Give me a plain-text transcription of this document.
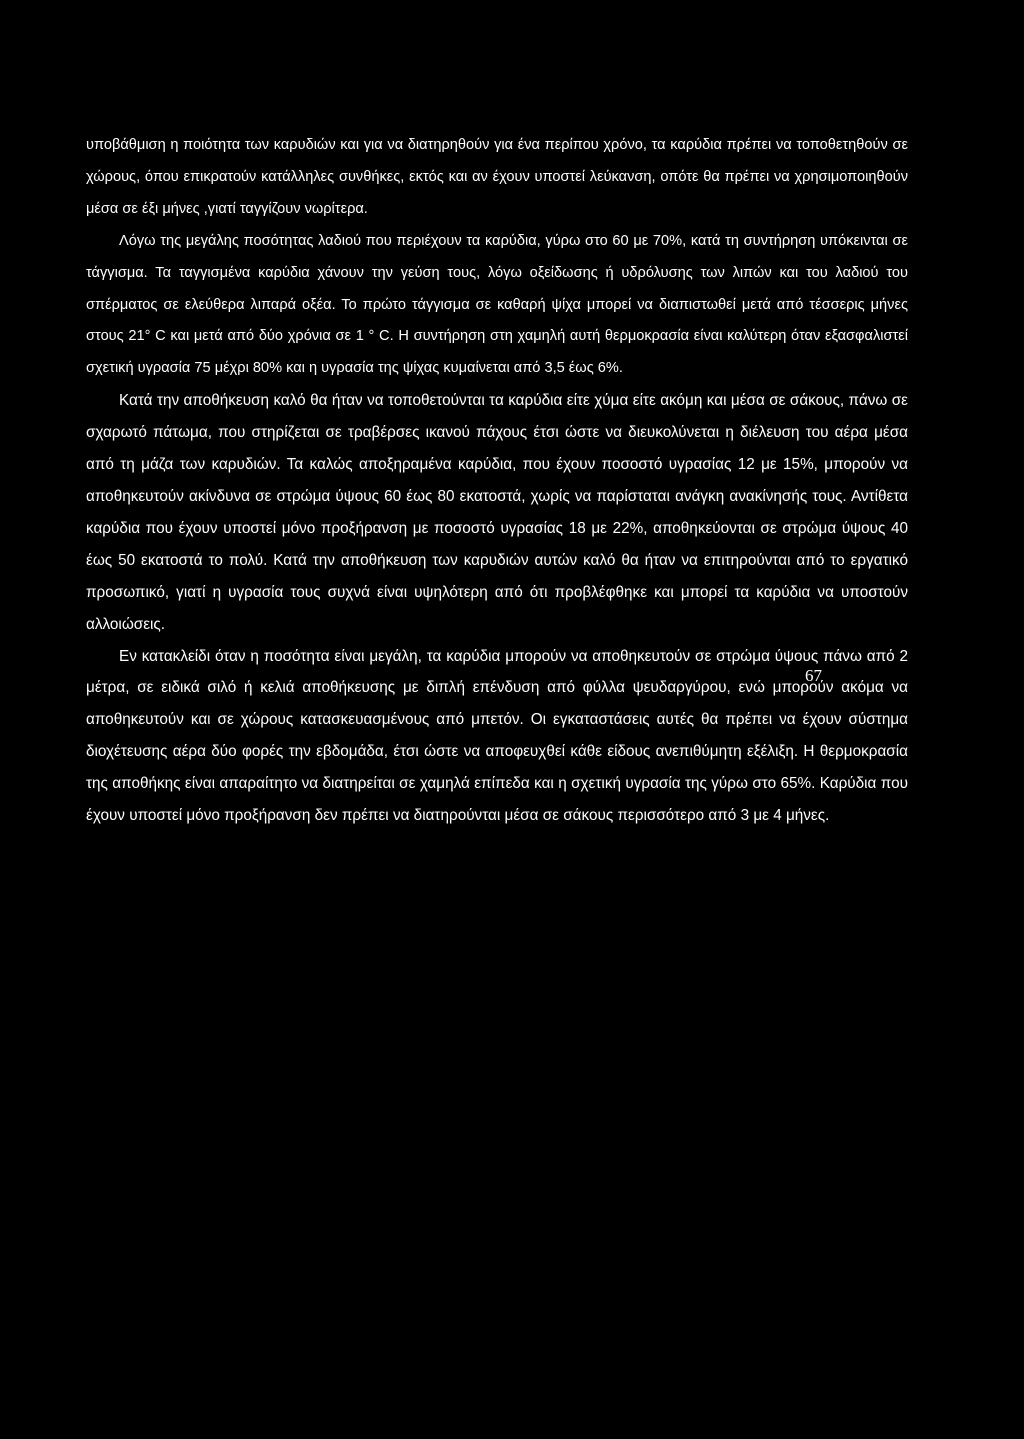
υποβάθμιση η ποιότητα των καρυδιών και για να διατηρηθούν για ένα περίπου χρόνο, τα καρύδια πρέπει να τοποθετηθούν σε χώρους, όπου επικρατούν κατάλληλες συνθήκες, εκτός και αν έχουν υποστεί λεύκανση, οπότε θα πρέπει να χρησιμοποιηθούν μέσα σε έξι μήνες ,γιατί ταγγίζουν νωρίτερα.

Λόγω της μεγάλης ποσότητας λαδιού που περιέχουν τα καρύδια, γύρω στο 60 με 70%, κατά τη συντήρηση υπόκεινται σε τάγγισμα. Τα ταγγισμένα καρύδια χάνουν την γεύση τους, λόγω οξείδωσης ή υδρόλυσης των λιπών και του λαδιού του σπέρματος σε ελεύθερα λιπαρά οξέα. Το πρώτο τάγγισμα σε καθαρή ψίχα μπορεί να διαπιστωθεί μετά από τέσσερις μήνες στους 21° C και μετά από δύο χρόνια σε 1 ° C. Η συντήρηση στη χαμηλή αυτή θερμοκρασία είναι καλύτερη όταν εξασφαλιστεί σχετική υγρασία 75 μέχρι 80% και η υγρασία της ψίχας κυμαίνεται από 3,5 έως 6%.

Κατά την αποθήκευση καλό θα ήταν να τοποθετούνται τα καρύδια είτε χύμα είτε ακόμη και μέσα σε σάκους, πάνω σε σχαρωτό πάτωμα, που στηρίζεται σε τραβέρσες ικανού πάχους έτσι ώστε να διευκολύνεται η διέλευση του αέρα μέσα από τη μάζα των καρυδιών. Τα καλώς αποξηραμένα καρύδια, που έχουν ποσοστό υγρασίας 12 με 15%, μπορούν να αποθηκευτούν ακίνδυνα σε στρώμα ύψους 60 έως 80 εκατοστά, χωρίς να παρίσταται ανάγκη ανακίνησής τους. Αντίθετα καρύδια που έχουν υποστεί μόνο προξήρανση με ποσοστό υγρασίας 18 με 22%, αποθηκεύονται σε στρώμα ύψους 40 έως 50 εκατοστά το πολύ. Κατά την αποθήκευση των καρυδιών αυτών καλό θα ήταν να επιτηρούνται από το εργατικό προσωπικό, γιατί η υγρασία τους συχνά είναι υψηλότερη από ότι προβλέφθηκε και μπορεί τα καρύδια να υποστούν αλλοιώσεις.

Εν κατακλείδι όταν η ποσότητα είναι μεγάλη, τα καρύδια μπορούν να αποθηκευτούν σε στρώμα ύψους πάνω από 2 μέτρα, σε ειδικά σιλό ή κελιά αποθήκευσης με διπλή επένδυση από φύλλα ψευδαργύρου, ενώ μπορούν ακόμα να αποθηκευτούν και σε χώρους κατασκευασμένους από μπετόν. Οι εγκαταστάσεις αυτές θα πρέπει να έχουν σύστημα διοχέτευσης αέρα δύο φορές την εβδομάδα, έτσι ώστε να αποφευχθεί κάθε είδους ανεπιθύμητη εξέλιξη. Η θερμοκρασία της αποθήκης είναι απαραίτητο να διατηρείται σε χαμηλά επίπεδα και η σχετική υγρασία της γύρω στο 65%. Καρύδια που έχουν υποστεί μόνο προξήρανση δεν πρέπει να διατηρούνται μέσα σε σάκους περισσότερο από 3 με 4 μήνες.

67
